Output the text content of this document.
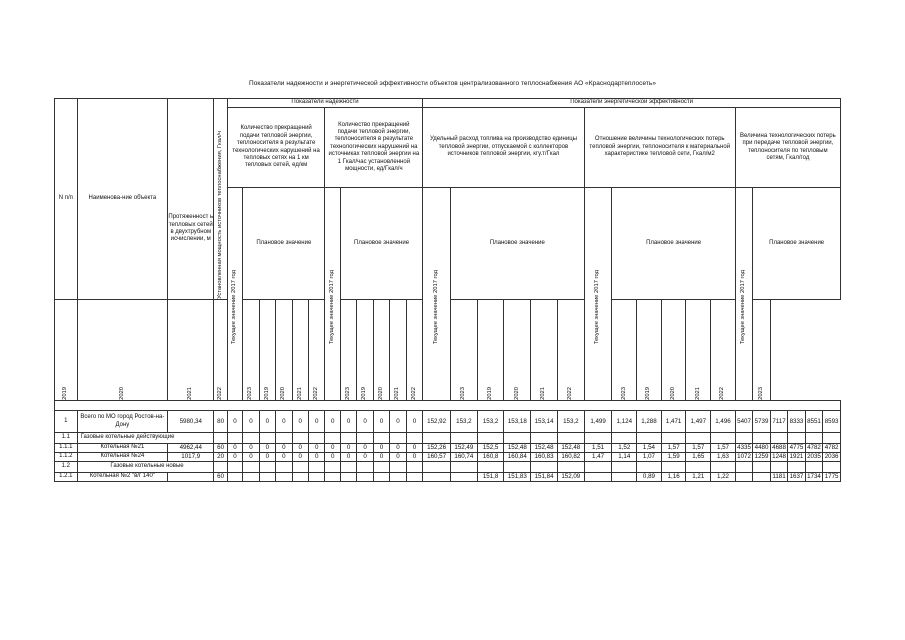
Показатели надежности и энергетической эффективности объектов централизованного теплоснабжения АО «Краснодартеплосеть»
N п/п	Наименова-ние объекта	Протяженност ь тепловых сетей в двухтрубном исчислении, м	Установленная мощность источников теплоснабжения, Гкал/ч	Показатели надежности												Показатели энергетической эффективности																	
				Количество прекращений подачи тепловой энергии, теплоносителя в результате технологических нарушений на тепловых сетях на 1 км тепловых сетей, ед/км						Количество прекращений подачи тепловой энергии, теплоносителя в результате технологических нарушений на источниках тепловой энергии на 1 Гкал/час установленной мощности, ед/Гкал/ч						Удельный расход топлива на производство единицы тепловой энергии, отпускаемой с коллекторов источников тепловой энергии, кгу.т/Гкал						Отношение величины технологических потерь тепловой энергии, теплоносителя к материальной характеристике тепловой сети, Гкал/м2						Величина технологических потерь при передаче тепловой энергии, теплоносителя по тепловым сетям, Гкал/год					

				Текущее значение 2017 год	Плановое значение					Текущее значение 2017 год	Плановое значение					Текущее значение 2017 год	Плановое значение					Текущее значение 2017 год	Плановое значение					Текущее значение 2017 год	Плановое значение				

2019	2020	2021	2022		2023	2019	2020	2021	2022		2023	2019	2020	2021	2022		2023	2019	2020	2021	2022		2023	2019	2020	2021	2022		2023				

1	Всего по МО город Ростов-на-Дону	5980,34	80	0	0	0	0	0	0	0	0	0	0	0	0	152,92	153,2	153,2	153,18	153,14	153,2	1,499	1,124	1,288	1,471	1,497	1,496	5407	5739	7117	8333	8551	8593
1.1	Газовые котельные действующие																																
1.1.1	Котельная №21	4962,44	60	0	0	0	0	0	0	0	0	0	0	0	0	152,26	152,49	152,5	152,48	152,48	152,48	1,51	1,52	1,54	1,57	1,57	1,57	4335	4480	4688	4775	4782	4782
1.1.2	Котельная №24	1017,9	20	0	0	0	0	0	0	0	0	0	0	0	0	160,57	160,74	160,8	160,84	160,83	160,82	1,47	1,14	1,07	1,59	1,65	1,63	1072	1259	1248	1921	2035	2036
1.2	Газовые котельные новые																																
1.2.1	Котельная №2 "в/г 140"		60															151,8	151,83	151,84	152,09			0,89	1,16	1,21	1,22			1181	1637	1734	1775
